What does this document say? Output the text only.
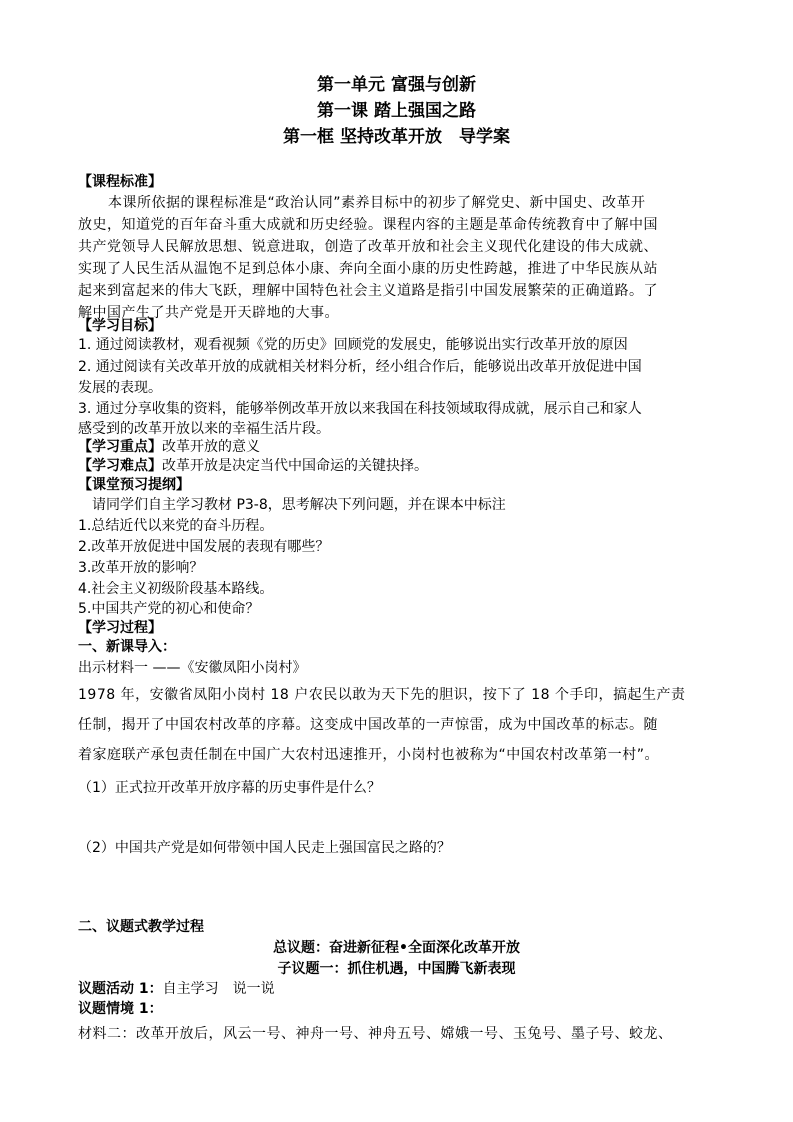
第一单元 富强与创新
第一课 踏上强国之路
第一框 坚持改革开放　导学案
【课程标准】
本课所依据的课程标准是“政治认同”素养目标中的初步了解党史、新中国史、改革开
放史，知道党的百年奋斗重大成就和历史经验。课程内容的主题是革命传统教育中了解中国
共产党领导人民解放思想、锐意进取，创造了改革开放和社会主义现代化建设的伟大成就、
实现了人民生活从温饱不足到总体小康、奔向全面小康的历史性跨越，推进了中华民族从站
起来到富起来的伟大飞跃，理解中国特色社会主义道路是指引中国发展繁荣的正确道路。了
解中国产生了共产党是开天辟地的大事。
【学习目标】
1. 通过阅读教材，观看视频《党的历史》回顾党的发展史，能够说出实行改革开放的原因
2. 通过阅读有关改革开放的成就相关材料分析，经小组合作后，能够说出改革开放促进中国
发展的表现。
3. 通过分享收集的资料，能够举例改革开放以来我国在科技领域取得成就，展示自己和家人
感受到的改革开放以来的幸福生活片段。
【学习重点】改革开放的意义
【学习难点】改革开放是决定当代中国命运的关键抉择。
【课堂预习提纲】
请同学们自主学习教材 P3-8，思考解决下列问题，并在课本中标注
1.总结近代以来党的奋斗历程。
2.改革开放促进中国发展的表现有哪些？
3.改革开放的影响？
4.社会主义初级阶段基本路线。
5.中国共产党的初心和使命？
【学习过程】
一、新课导入：
出示材料一 ——《安徽凤阳小岗村》
1978 年，安徽省凤阳小岗村 18 户农民以敢为天下先的胆识，按下了 18 个手印，搞起生产责
任制，揭开了中国农村改革的序幕。这变成中国改革的一声惊雷，成为中国改革的标志。随
着家庭联产承包责任制在中国广大农村迅速推开，小岗村也被称为“中国农村改革第一村”。
（1）正式拉开改革开放序幕的历史事件是什么？
（2）中国共产党是如何带领中国人民走上强国富民之路的？
二、议题式教学过程
总议题：奋进新征程•全面深化改革开放
子议题一：抓住机遇，中国腾飞新表现
议题活动 1：自主学习　说一说
议题情境 1：
材料二：改革开放后，风云一号、神舟一号、神舟五号、嫦娥一号、玉兔号、墨子号、蛟龙、
